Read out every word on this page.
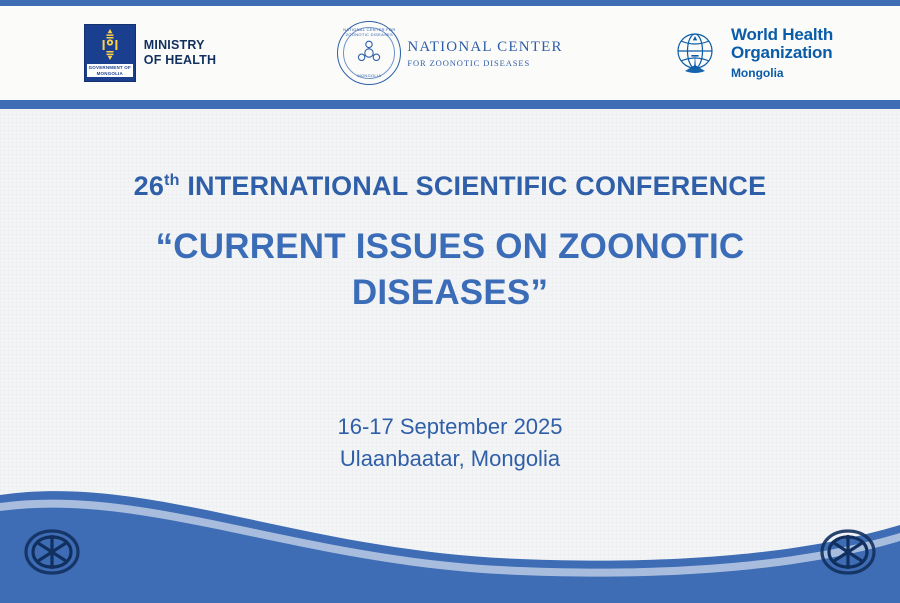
GOVERNMENT OF
MONGOLIA
MINISTRY
OF HEALTH
NATIONAL CENTER FOR ZOONOTIC DISEASES
MONGOLIA
NATIONAL CENTER
FOR ZOONOTIC DISEASES
World Health
Organization
Mongolia
26th INTERNATIONAL SCIENTIFIC CONFERENCE
“CURRENT ISSUES ON ZOONOTIC DISEASES”
16-17 September 2025
Ulaanbaatar, Mongolia
